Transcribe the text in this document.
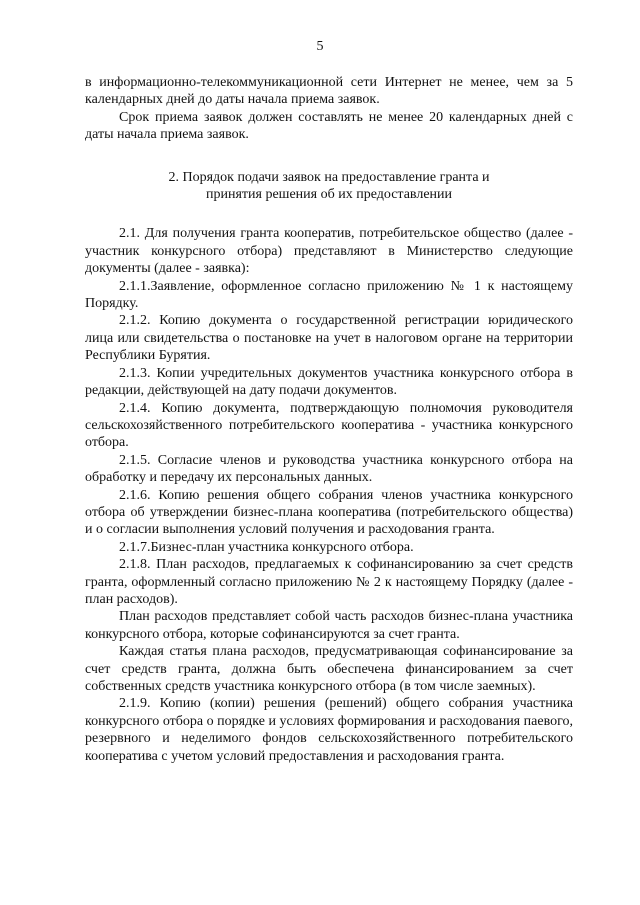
5

в информационно-телекоммуникационной сети Интернет не менее, чем за 5 календарных дней до даты начала приема заявок.

Срок приема заявок должен составлять не менее 20 календарных дней с даты начала приема заявок.

2. Порядок подачи заявок на предоставление гранта и
принятия решения об их предоставлении

2.1. Для получения гранта кооператив, потребительское общество (далее - участник конкурсного отбора) представляют в Министерство следующие документы (далее - заявка):

2.1.1.Заявление, оформленное согласно приложению № 1 к настоящему Порядку.

2.1.2. Копию документа о государственной регистрации юридического лица или свидетельства о постановке на учет в налоговом органе на территории Республики Бурятия.

2.1.3. Копии учредительных документов участника конкурсного отбора в редакции, действующей на дату подачи документов.

2.1.4. Копию документа, подтверждающую полномочия руководителя сельскохозяйственного потребительского кооператива - участника конкурсного отбора.

2.1.5. Согласие членов и руководства участника конкурсного отбора на обработку и передачу их персональных данных.

2.1.6. Копию решения общего собрания членов участника конкурсного отбора об утверждении бизнес-плана кооператива (потребительского общества) и о согласии выполнения условий получения и расходования гранта.

2.1.7.Бизнес-план участника конкурсного отбора.

2.1.8. План расходов, предлагаемых к софинансированию за счет средств гранта, оформленный согласно приложению № 2 к настоящему Порядку (далее - план расходов).

План расходов представляет собой часть расходов бизнес-плана участника конкурсного отбора, которые софинансируются за счет гранта.

Каждая статья плана расходов, предусматривающая софинансирование за счет средств гранта, должна быть обеспечена финансированием за счет собственных средств участника конкурсного отбора (в том числе заемных).

2.1.9. Копию (копии) решения (решений) общего собрания участника конкурсного отбора о порядке и условиях формирования и расходования паевого, резервного и неделимого фондов сельскохозяйственного потребительского кооператива с учетом условий предоставления и расходования гранта.
